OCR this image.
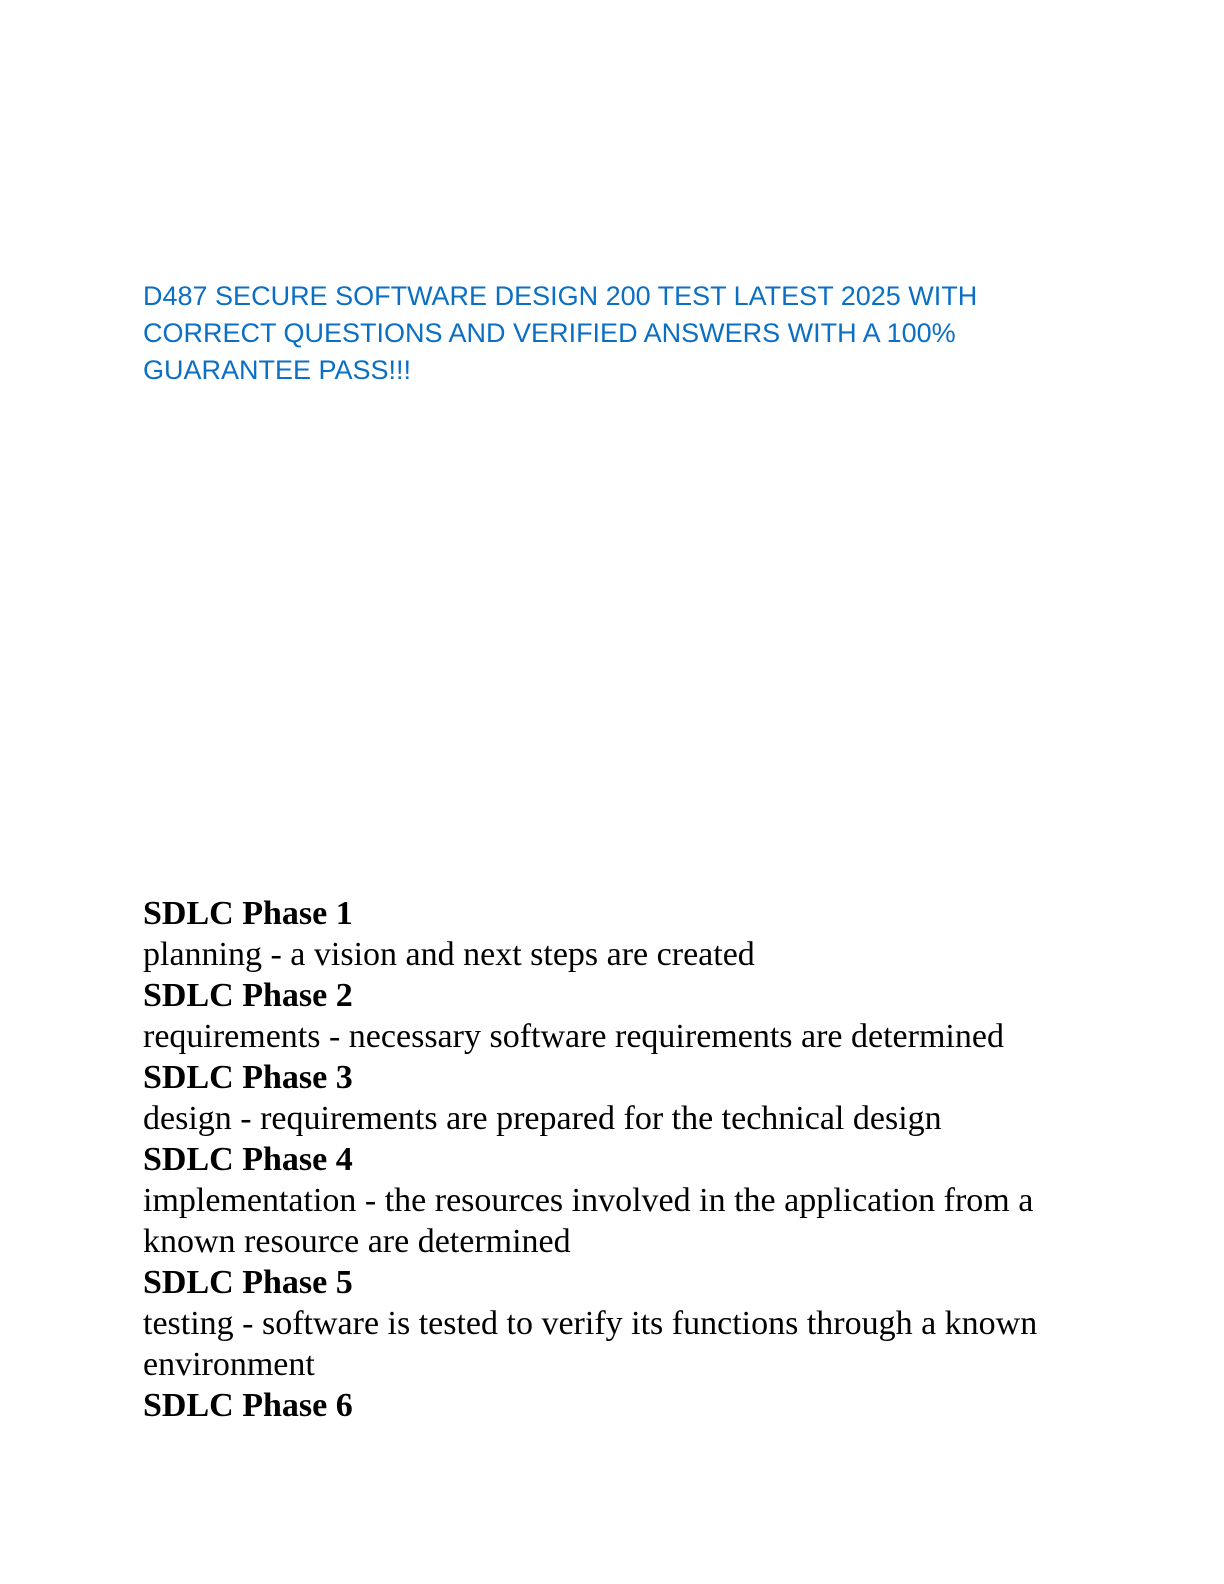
D487 SECURE SOFTWARE DESIGN 200 TEST LATEST 2025 WITH CORRECT QUESTIONS AND VERIFIED ANSWERS WITH A 100% GUARANTEE PASS!!!
SDLC Phase 1
planning - a vision and next steps are created
SDLC Phase 2
requirements - necessary software requirements are determined
SDLC Phase 3
design - requirements are prepared for the technical design
SDLC Phase 4
implementation - the resources involved in the application from a known resource are determined
SDLC Phase 5
testing - software is tested to verify its functions through a known environment
SDLC Phase 6
